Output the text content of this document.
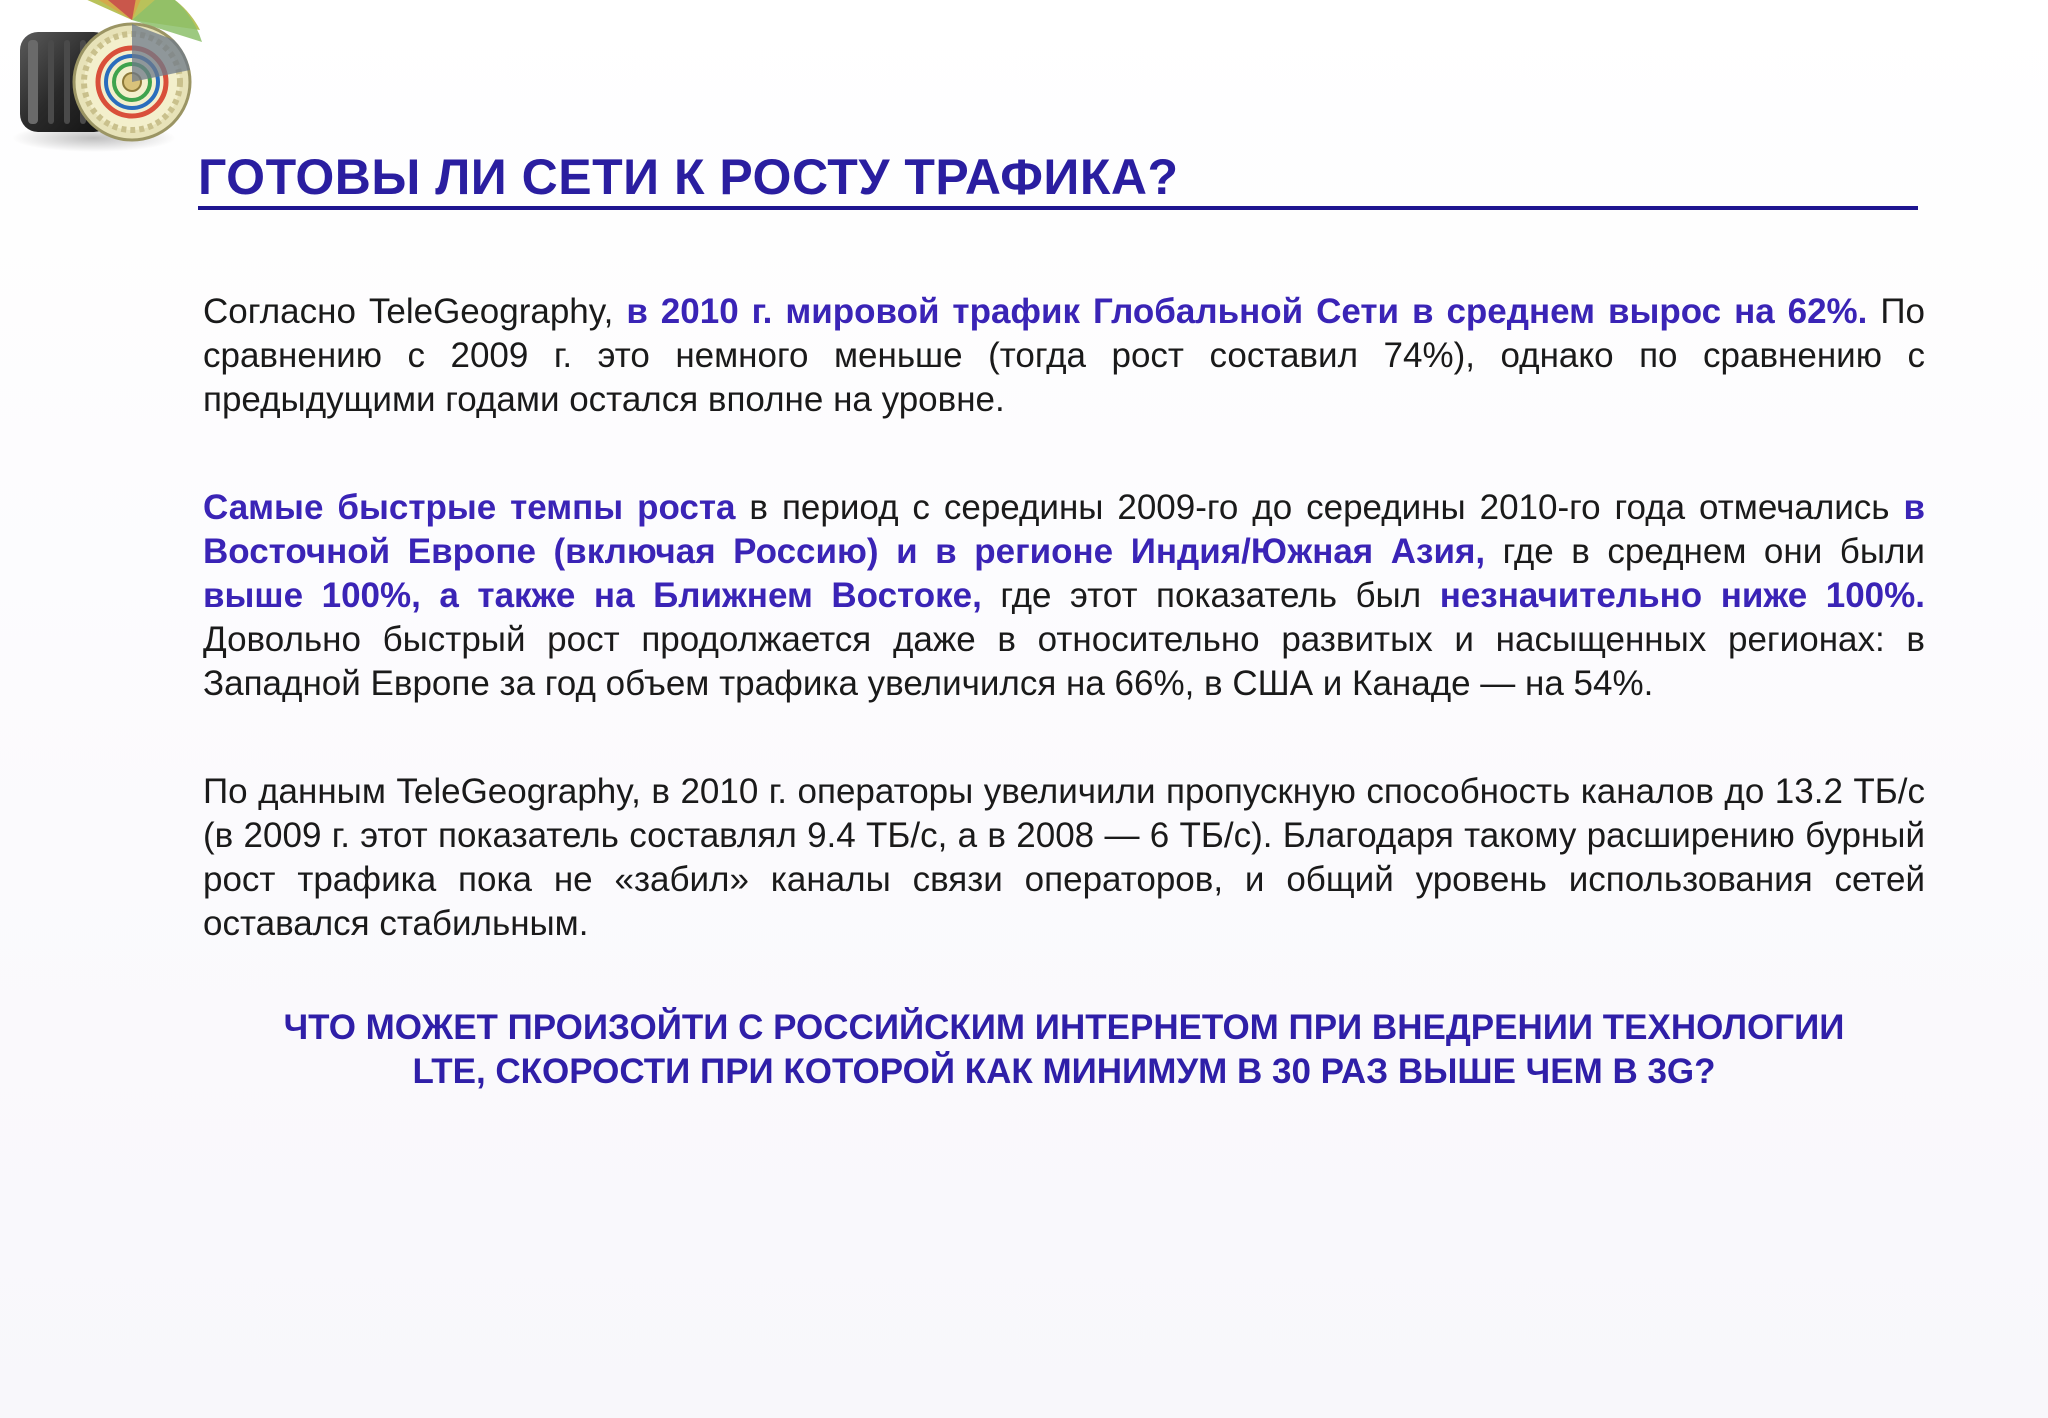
ГОТОВЫ ЛИ СЕТИ К РОСТУ ТРАФИКА?

Согласно TeleGeography, в 2010 г. мировой трафик Глобальной Сети в среднем вырос на 62%. По сравнению с 2009 г. это немного меньше (тогда рост составил 74%), однако по сравнению с предыдущими годами остался вполне на уровне.

Самые быстрые темпы роста в период с середины 2009-го до середины 2010-го года отмечались в Восточной Европе (включая Россию) и в регионе Индия/Южная Азия, где в среднем они были выше 100%, а также на Ближнем Востоке, где этот показатель был незначительно ниже 100%. Довольно быстрый рост продолжается даже в относительно развитых и насыщенных регионах: в Западной Европе за год объем трафика увеличился на 66%, в США и Канаде — на 54%.

По данным TeleGeography, в 2010 г. операторы увеличили пропускную способность каналов до 13.2 ТБ/с (в 2009 г. этот показатель составлял 9.4 ТБ/с, а в 2008 — 6 ТБ/с). Благодаря такому расширению бурный рост трафика пока не «забил» каналы связи операторов, и общий уровень использования сетей оставался стабильным.

ЧТО МОЖЕТ ПРОИЗОЙТИ С РОССИЙСКИМ ИНТЕРНЕТОМ ПРИ ВНЕДРЕНИИ ТЕХНОЛОГИИ
LTE, СКОРОСТИ ПРИ КОТОРОЙ КАК МИНИМУМ В 30 РАЗ ВЫШЕ ЧЕМ В 3G?
